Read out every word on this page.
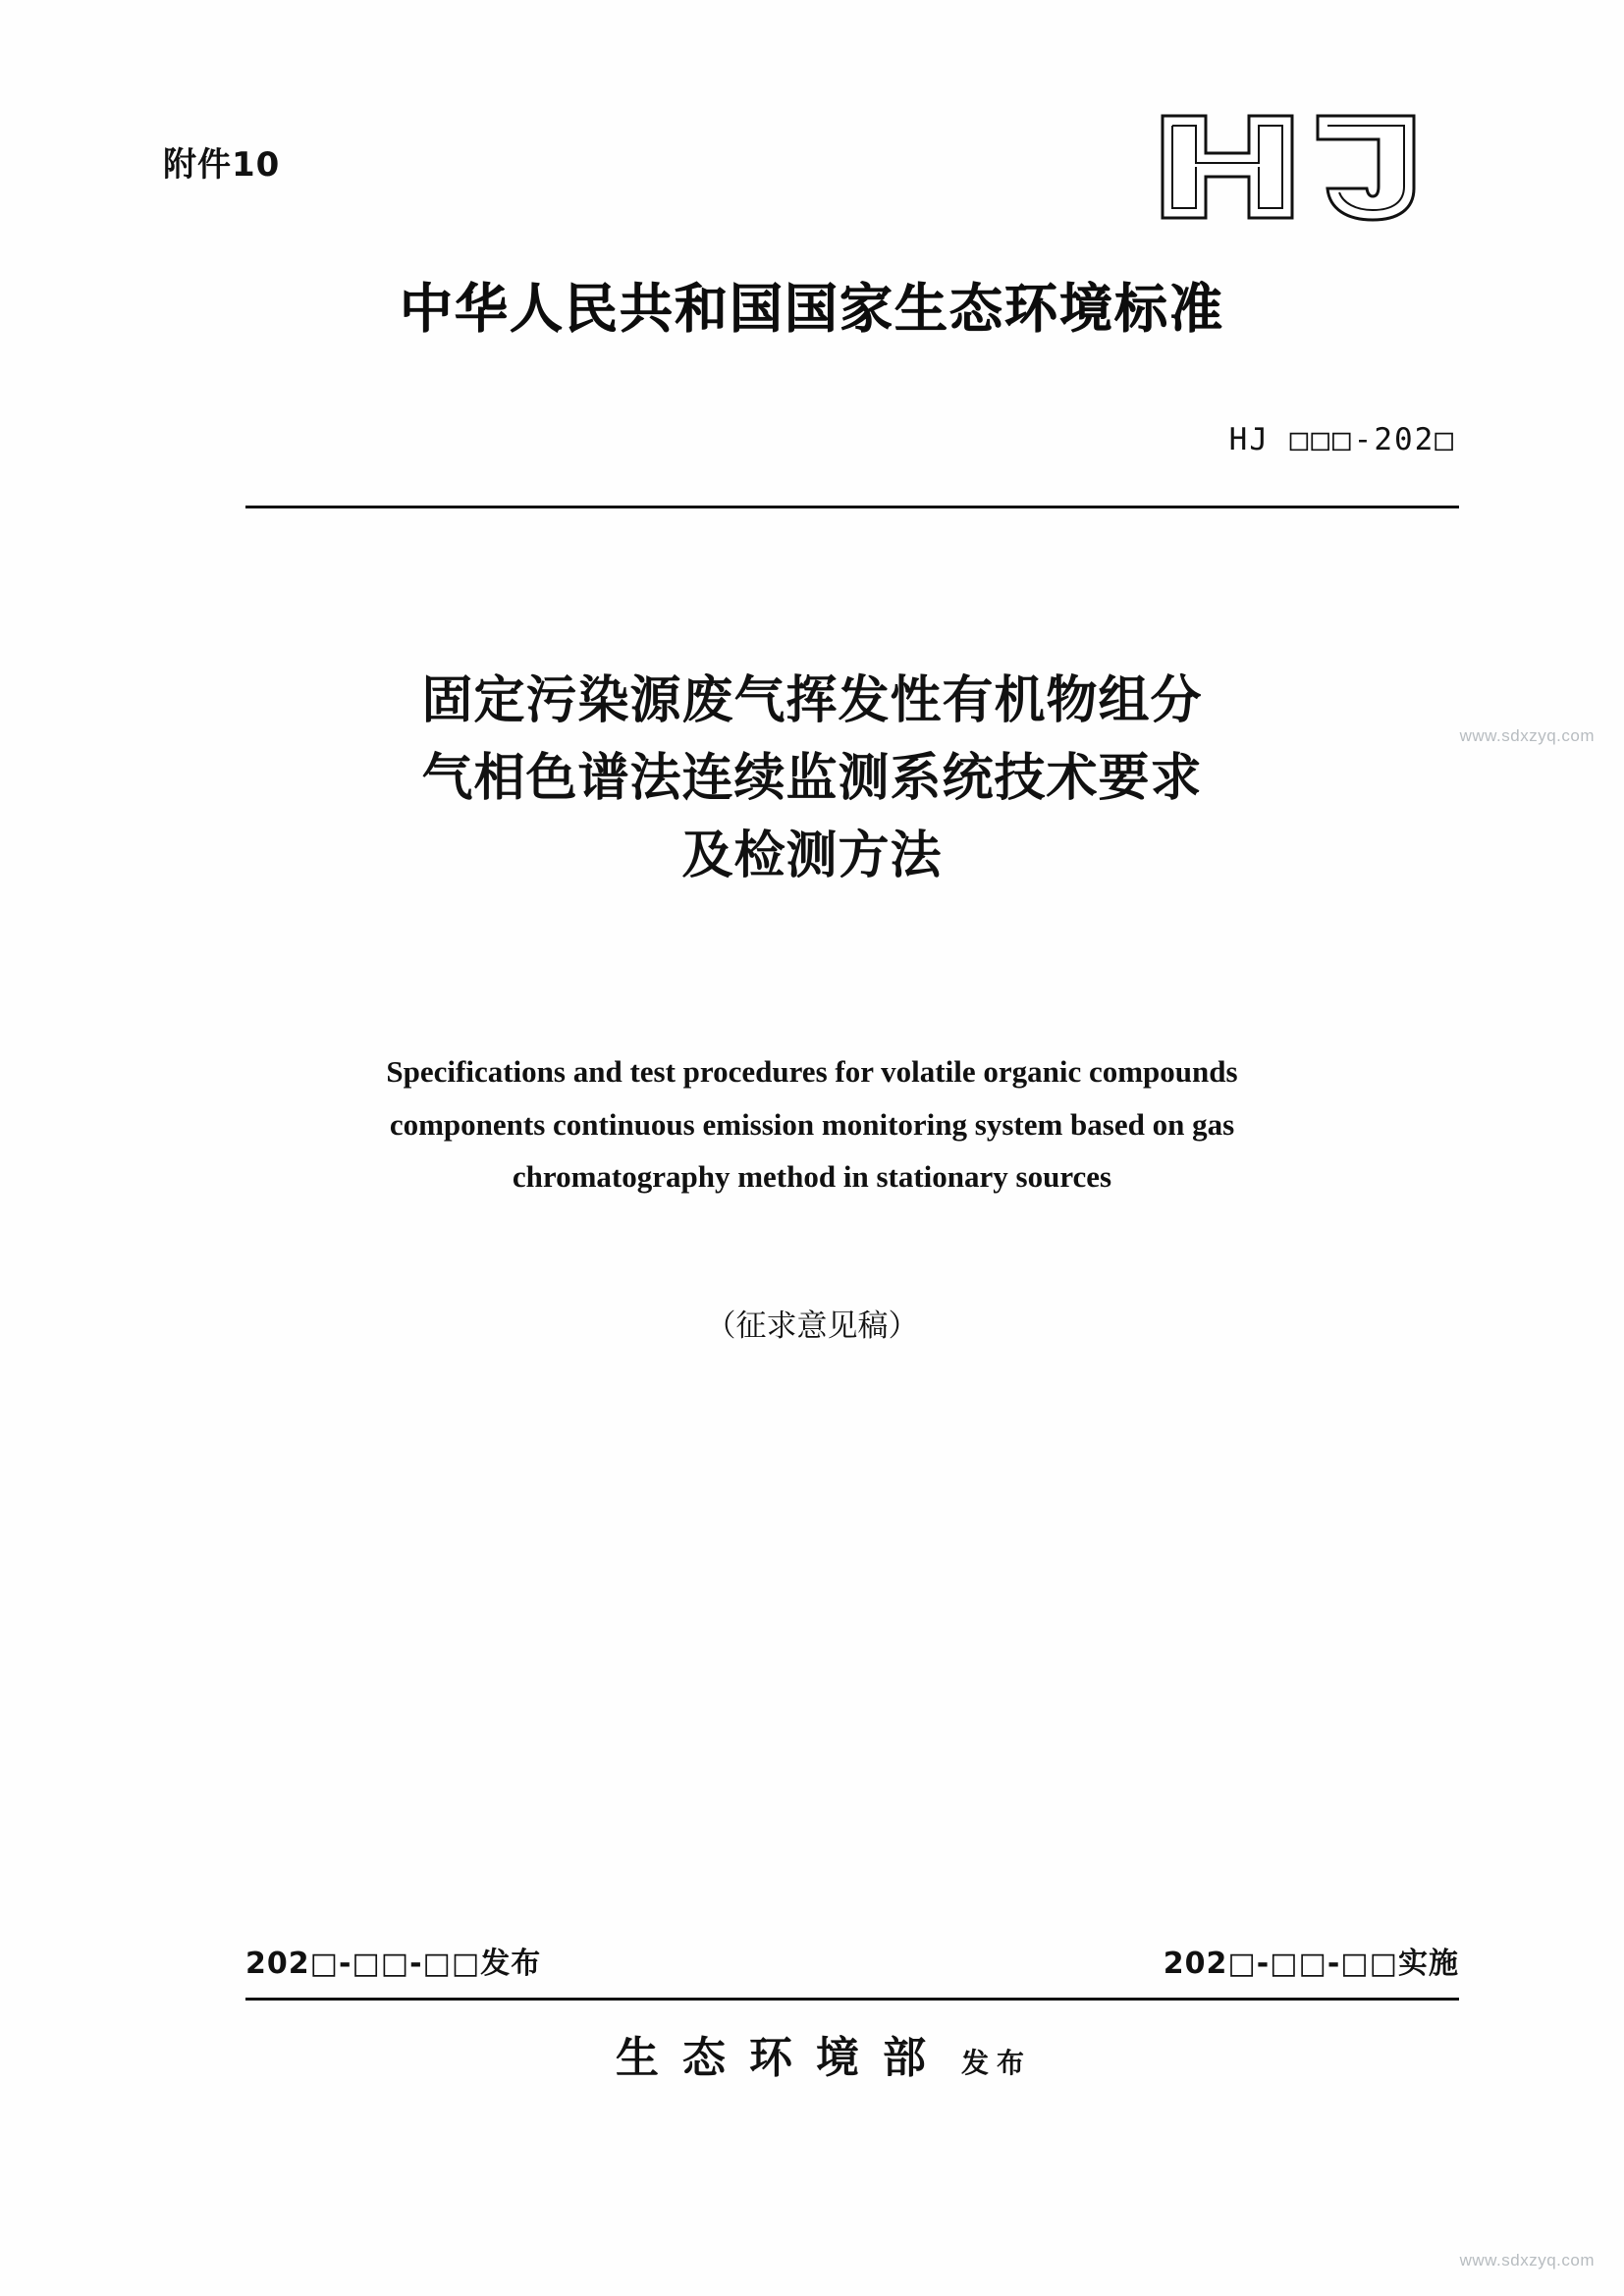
附件10
中华人民共和国国家生态环境标准
HJ □□□-202□
固定污染源废气挥发性有机物组分
气相色谱法连续监测系统技术要求
及检测方法
Specifications and test procedures for volatile organic compounds
components continuous emission monitoring system based on gas
chromatography method in stationary sources
（征求意见稿）
202□-□□-□□发布	202□-□□-□□实施
生态环境部 发布
www.sdxzyq.com
www.sdxzyq.com
